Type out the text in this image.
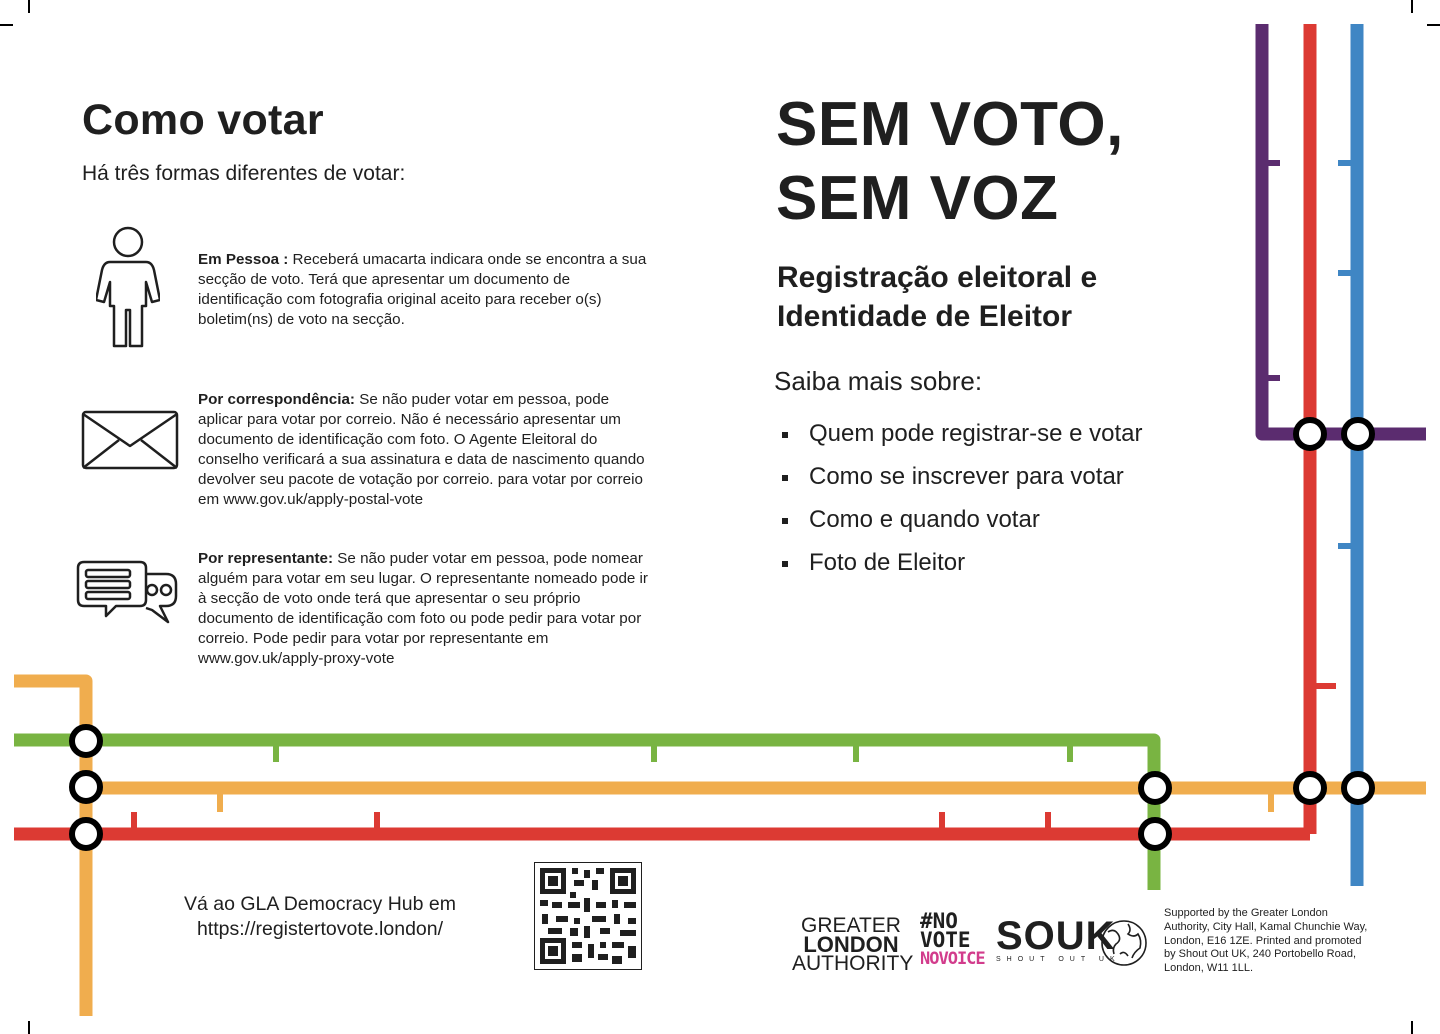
Como votar

Há três formas diferentes de votar:

Em Pessoa : Receberá umacarta indicara onde se encontra a sua secção de voto. Terá que apresentar um documento de identificação com fotografia original aceito para receber o(s) boletim(ns) de voto na secção.

Por correspondência: Se não puder votar em pessoa, pode aplicar para votar por correio. Não é necessário apresentar um documento de identificação com foto. O Agente Eleitoral do conselho verificará a sua assinatura e data de nascimento quando devolver seu pacote de votação por correio. para votar por correio em www.gov.uk/apply-postal-vote

Por representante: Se não puder votar em pessoa, pode nomear alguém para votar em seu lugar. O representante nomeado pode ir à secção de voto onde terá que apresentar o seu próprio documento de identificação com foto ou pode pedir para votar por correio. Pode pedir para votar por representante em www.gov.uk/apply-proxy-vote

SEM VOTO,
SEM VOZ
Registração eleitoral e
Identidade de Eleitor

Saiba mais sobre:

Quem pode registrar-se e votar
Como se inscrever para votar
Como e quando votar
Foto de Eleitor
Vá ao GLA Democracy Hub em
https://registertovote.london/	GREATER
LONDON
AUTHORITY
#NO
VOTE
NOVOICE
SOUK
SHOUT OUT UK

Supported by the Greater London Authority, City Hall, Kamal Chunchie Way, London, E16 1ZE. Printed and promoted by Shout Out UK, 240 Portobello Road, London, W11 1LL.
